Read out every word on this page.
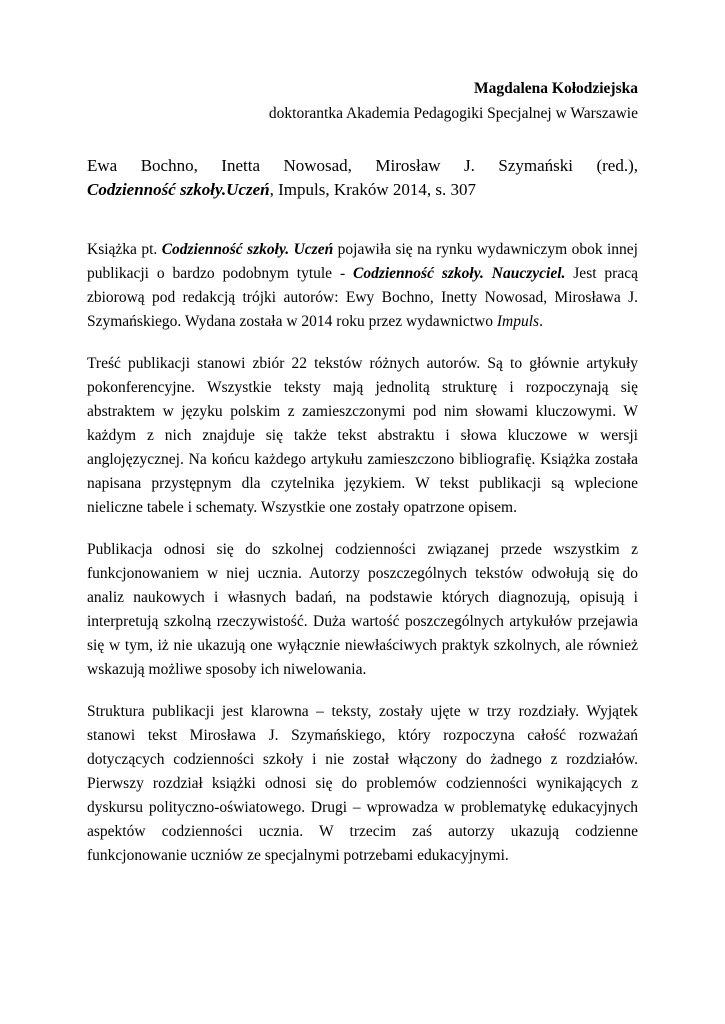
Magdalena Kołodziejska
doktorantka Akademia Pedagogiki Specjalnej w Warszawie
Ewa Bochno, Inetta Nowosad, Mirosław J. Szymański (red.),
Codzienność szkoły.Uczeń, Impuls, Kraków 2014, s. 307

Książka pt. Codzienność szkoły. Uczeń pojawiła się na rynku wydawniczym obok innej publikacji o bardzo podobnym tytule - Codzienność szkoły. Nauczyciel. Jest pracą zbiorową pod redakcją trójki autorów: Ewy Bochno, Inetty Nowosad, Mirosława J. Szymańskiego. Wydana została w 2014 roku przez wydawnictwo Impuls.

Treść publikacji stanowi zbiór 22 tekstów różnych autorów. Są to głównie artykuły pokonferencyjne. Wszystkie teksty mają jednolitą strukturę i rozpoczynają się abstraktem w języku polskim z zamieszczonymi pod nim słowami kluczowymi. W każdym z nich znajduje się także tekst abstraktu i słowa kluczowe w wersji anglojęzycznej. Na końcu każdego artykułu zamieszczono bibliografię. Książka została napisana przystępnym dla czytelnika językiem. W tekst publikacji są wplecione nieliczne tabele i schematy. Wszystkie one zostały opatrzone opisem.

Publikacja odnosi się do szkolnej codzienności związanej przede wszystkim z funkcjonowaniem w niej ucznia. Autorzy poszczególnych tekstów odwołują się do analiz naukowych i własnych badań, na podstawie których diagnozują, opisują i interpretują szkolną rzeczywistość. Duża wartość poszczególnych artykułów przejawia się w tym, iż nie ukazują one wyłącznie niewłaściwych praktyk szkolnych, ale również wskazują możliwe sposoby ich niwelowania.

Struktura publikacji jest klarowna – teksty, zostały ujęte w trzy rozdziały. Wyjątek stanowi tekst Mirosława J. Szymańskiego, który rozpoczyna całość rozważań dotyczących codzienności szkoły i nie został włączony do żadnego z rozdziałów. Pierwszy rozdział książki odnosi się do problemów codzienności wynikających z dyskursu polityczno-oświatowego. Drugi – wprowadza w problematykę edukacyjnych aspektów codzienności ucznia. W trzecim zaś autorzy ukazują codzienne funkcjonowanie uczniów ze specjalnymi potrzebami edukacyjnymi.
